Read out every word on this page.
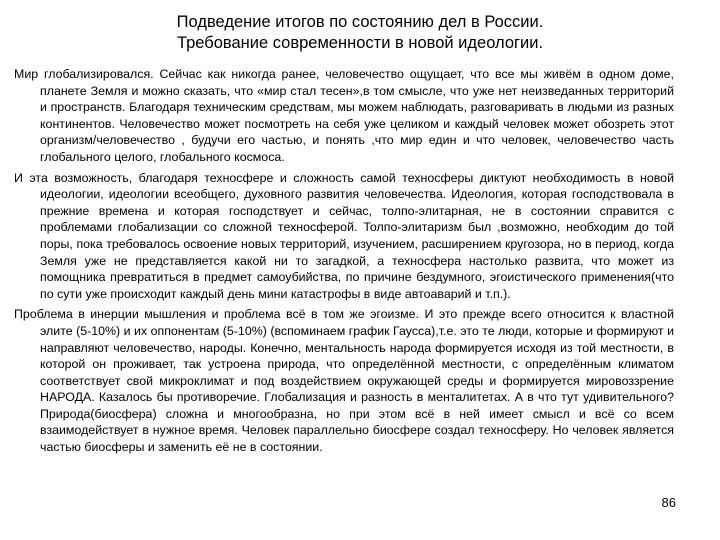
Подведение итогов по состоянию дел в России.
Требование современности в новой идеологии.

Мир глобализировался. Сейчас как никогда ранее, человечество ощущает, что все мы живём в одном доме, планете Земля и можно сказать, что «мир стал тесен»,в том смысле, что уже нет неизведанных территорий и пространств. Благодаря техническим средствам, мы можем наблюдать, разговаривать в людьми из разных континентов. Человечество может посмотреть на себя уже целиком и каждый человек может обозреть этот организм/человечество , будучи его частью, и понять ,что мир един и что человек, человечество часть глобального целого, глобального космоса.

И эта возможность, благодаря техносфере и сложность самой техносферы диктуют необходимость в новой идеологии, идеологии всеобщего, духовного развития человечества. Идеология, которая господствовала в прежние времена и которая господствует и сейчас, толпо-элитарная, не в состоянии справится с проблемами глобализации со сложной техносферой. Толпо-элитаризм был ,возможно, необходим до той поры, пока требовалось освоение новых территорий, изучением, расширением кругозора, но в период, когда Земля уже не представляется какой ни то загадкой, а техносфера настолько развита, что может из помощника превратиться в предмет самоубийства, по причине бездумного, эгоистического применения(что по сути уже происходит каждый день мини катастрофы в виде автоаварий и т.п.).

Проблема в инерции мышления и проблема всё в том же эгоизме. И это прежде всего относится к властной элите (5-10%) и их оппонентам (5-10%) (вспоминаем график Гаусса),т.е. это те люди, которые и формируют и направляют человечество, народы. Конечно, ментальность народа формируется исходя из той местности, в которой он проживает, так устроена природа, что определённой местности, с определённым климатом соответствует свой микроклимат и под воздействием окружающей среды и формируется мировоззрение НАРОДА. Казалось бы противоречие. Глобализация и разность в менталитетах. А в что тут удивительного? Природа(биосфера) сложна и многообразна, но при этом всё в ней имеет смысл и всё со всем взаимодействует в нужное время. Человек параллельно биосфере создал техносферу. Но человек является частью биосферы и заменить её не в состоянии.

86
